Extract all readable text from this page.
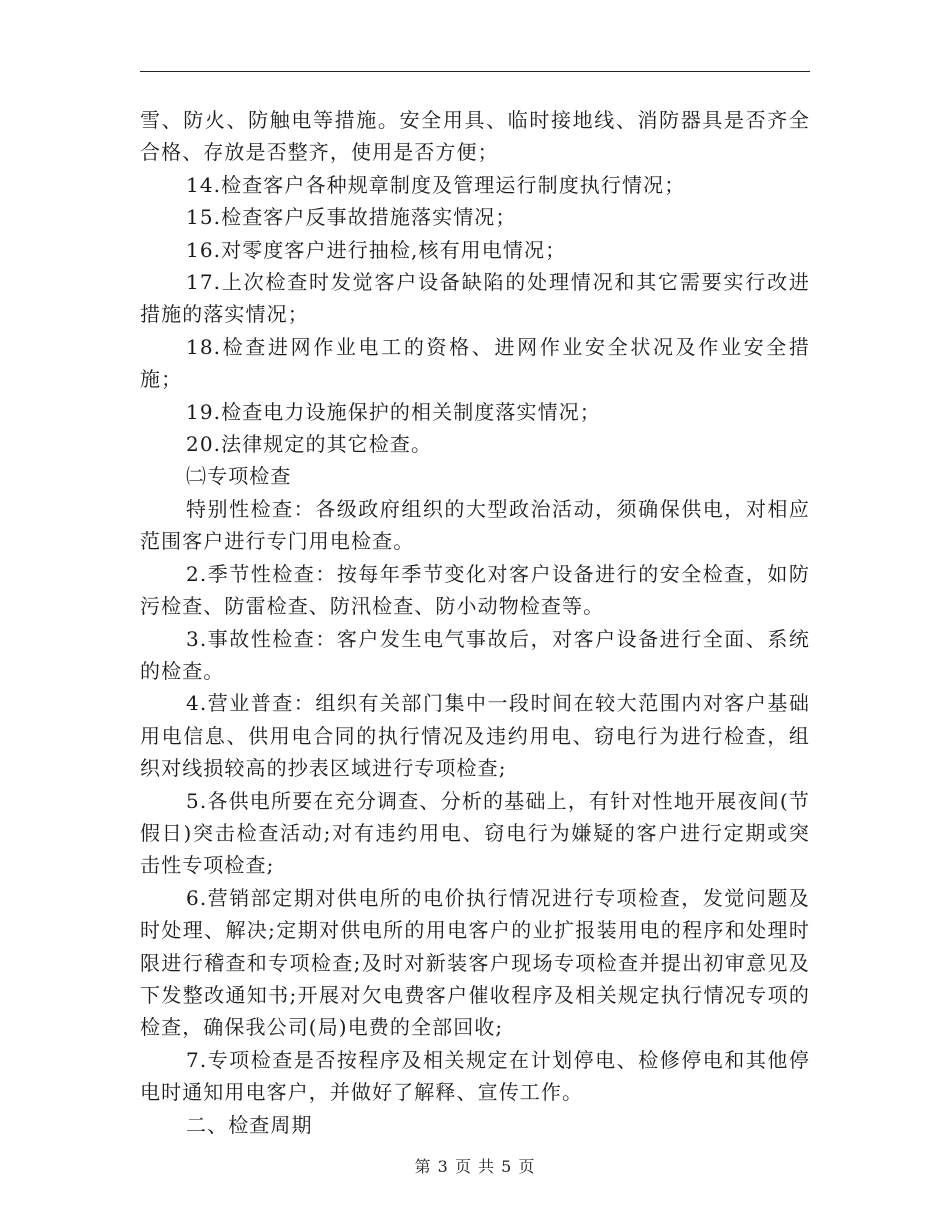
雪、防火、防触电等措施。安全用具、临时接地线、消防器具是否齐全合格、存放是否整齐，使用是否方便；

14.检查客户各种规章制度及管理运行制度执行情况；

15.检查客户反事故措施落实情况；

16.对零度客户进行抽检,核有用电情况；

17.上次检查时发觉客户设备缺陷的处理情况和其它需要实行改进措施的落实情况；

18.检查进网作业电工的资格、进网作业安全状况及作业安全措施；

19.检查电力设施保护的相关制度落实情况；

20.法律规定的其它检查。

㈡专项检查

特别性检查：各级政府组织的大型政治活动，须确保供电，对相应范围客户进行专门用电检查。

2.季节性检查：按每年季节变化对客户设备进行的安全检查，如防污检查、防雷检查、防汛检查、防小动物检查等。

3.事故性检查：客户发生电气事故后，对客户设备进行全面、系统的检查。

4.营业普查：组织有关部门集中一段时间在较大范围内对客户基础用电信息、供用电合同的执行情况及违约用电、窃电行为进行检查，组织对线损较高的抄表区域进行专项检查;

5.各供电所要在充分调查、分析的基础上，有针对性地开展夜间(节假日)突击检查活动;对有违约用电、窃电行为嫌疑的客户进行定期或突击性专项检查;

6.营销部定期对供电所的电价执行情况进行专项检查，发觉问题及时处理、解决;定期对供电所的用电客户的业扩报装用电的程序和处理时限进行稽查和专项检查;及时对新装客户现场专项检查并提出初审意见及下发整改通知书;开展对欠电费客户催收程序及相关规定执行情况专项的检查，确保我公司(局)电费的全部回收;

7.专项检查是否按程序及相关规定在计划停电、检修停电和其他停电时通知用电客户，并做好了解释、宣传工作。

二、检查周期

第 3 页 共 5 页
